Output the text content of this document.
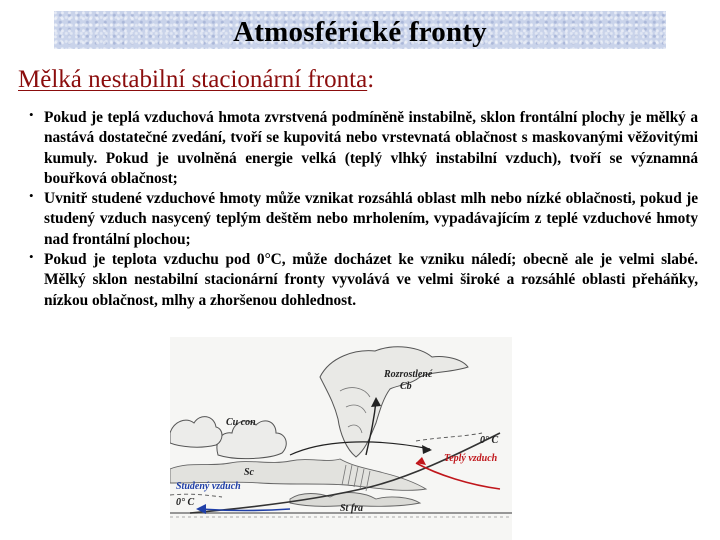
Atmosférické fronty
Mělká nestabilní stacionární fronta:
• Pokud je teplá vzduchová hmota zvrstvená podmíněně instabilně, sklon frontální plochy je mělký a nastává dostatečné zvedání, tvoří se kupovitá nebo vrstevnatá oblačnost s maskovanými věžovitými kumuly. Pokud je uvolněná energie velká (teplý vlhký instabilní vzduch), tvoří se významná bouřková oblačnost;
• Uvnitř studené vzduchové hmoty může vznikat rozsáhlá oblast mlh nebo nízké oblačnosti, pokud je studený vzduch nasycený teplým deštěm nebo mrholením, vypadávajícím z teplé vzduchové hmoty nad frontální plochou;
• Pokud je teplota vzduchu pod 0°C, může docházet ke vzniku náledí; obecně ale je velmi slabé. Mělký sklon nestabilní stacionární fronty vyvolává ve velmi široké a rozsáhlé oblasti přeháňky, nízkou oblačnost, mlhy a zhoršenou dohlednost.
Rozrostlené
Cb
Cu con
Sc
0° C
Teplý vzduch
Studený vzduch
0° C
St fra
